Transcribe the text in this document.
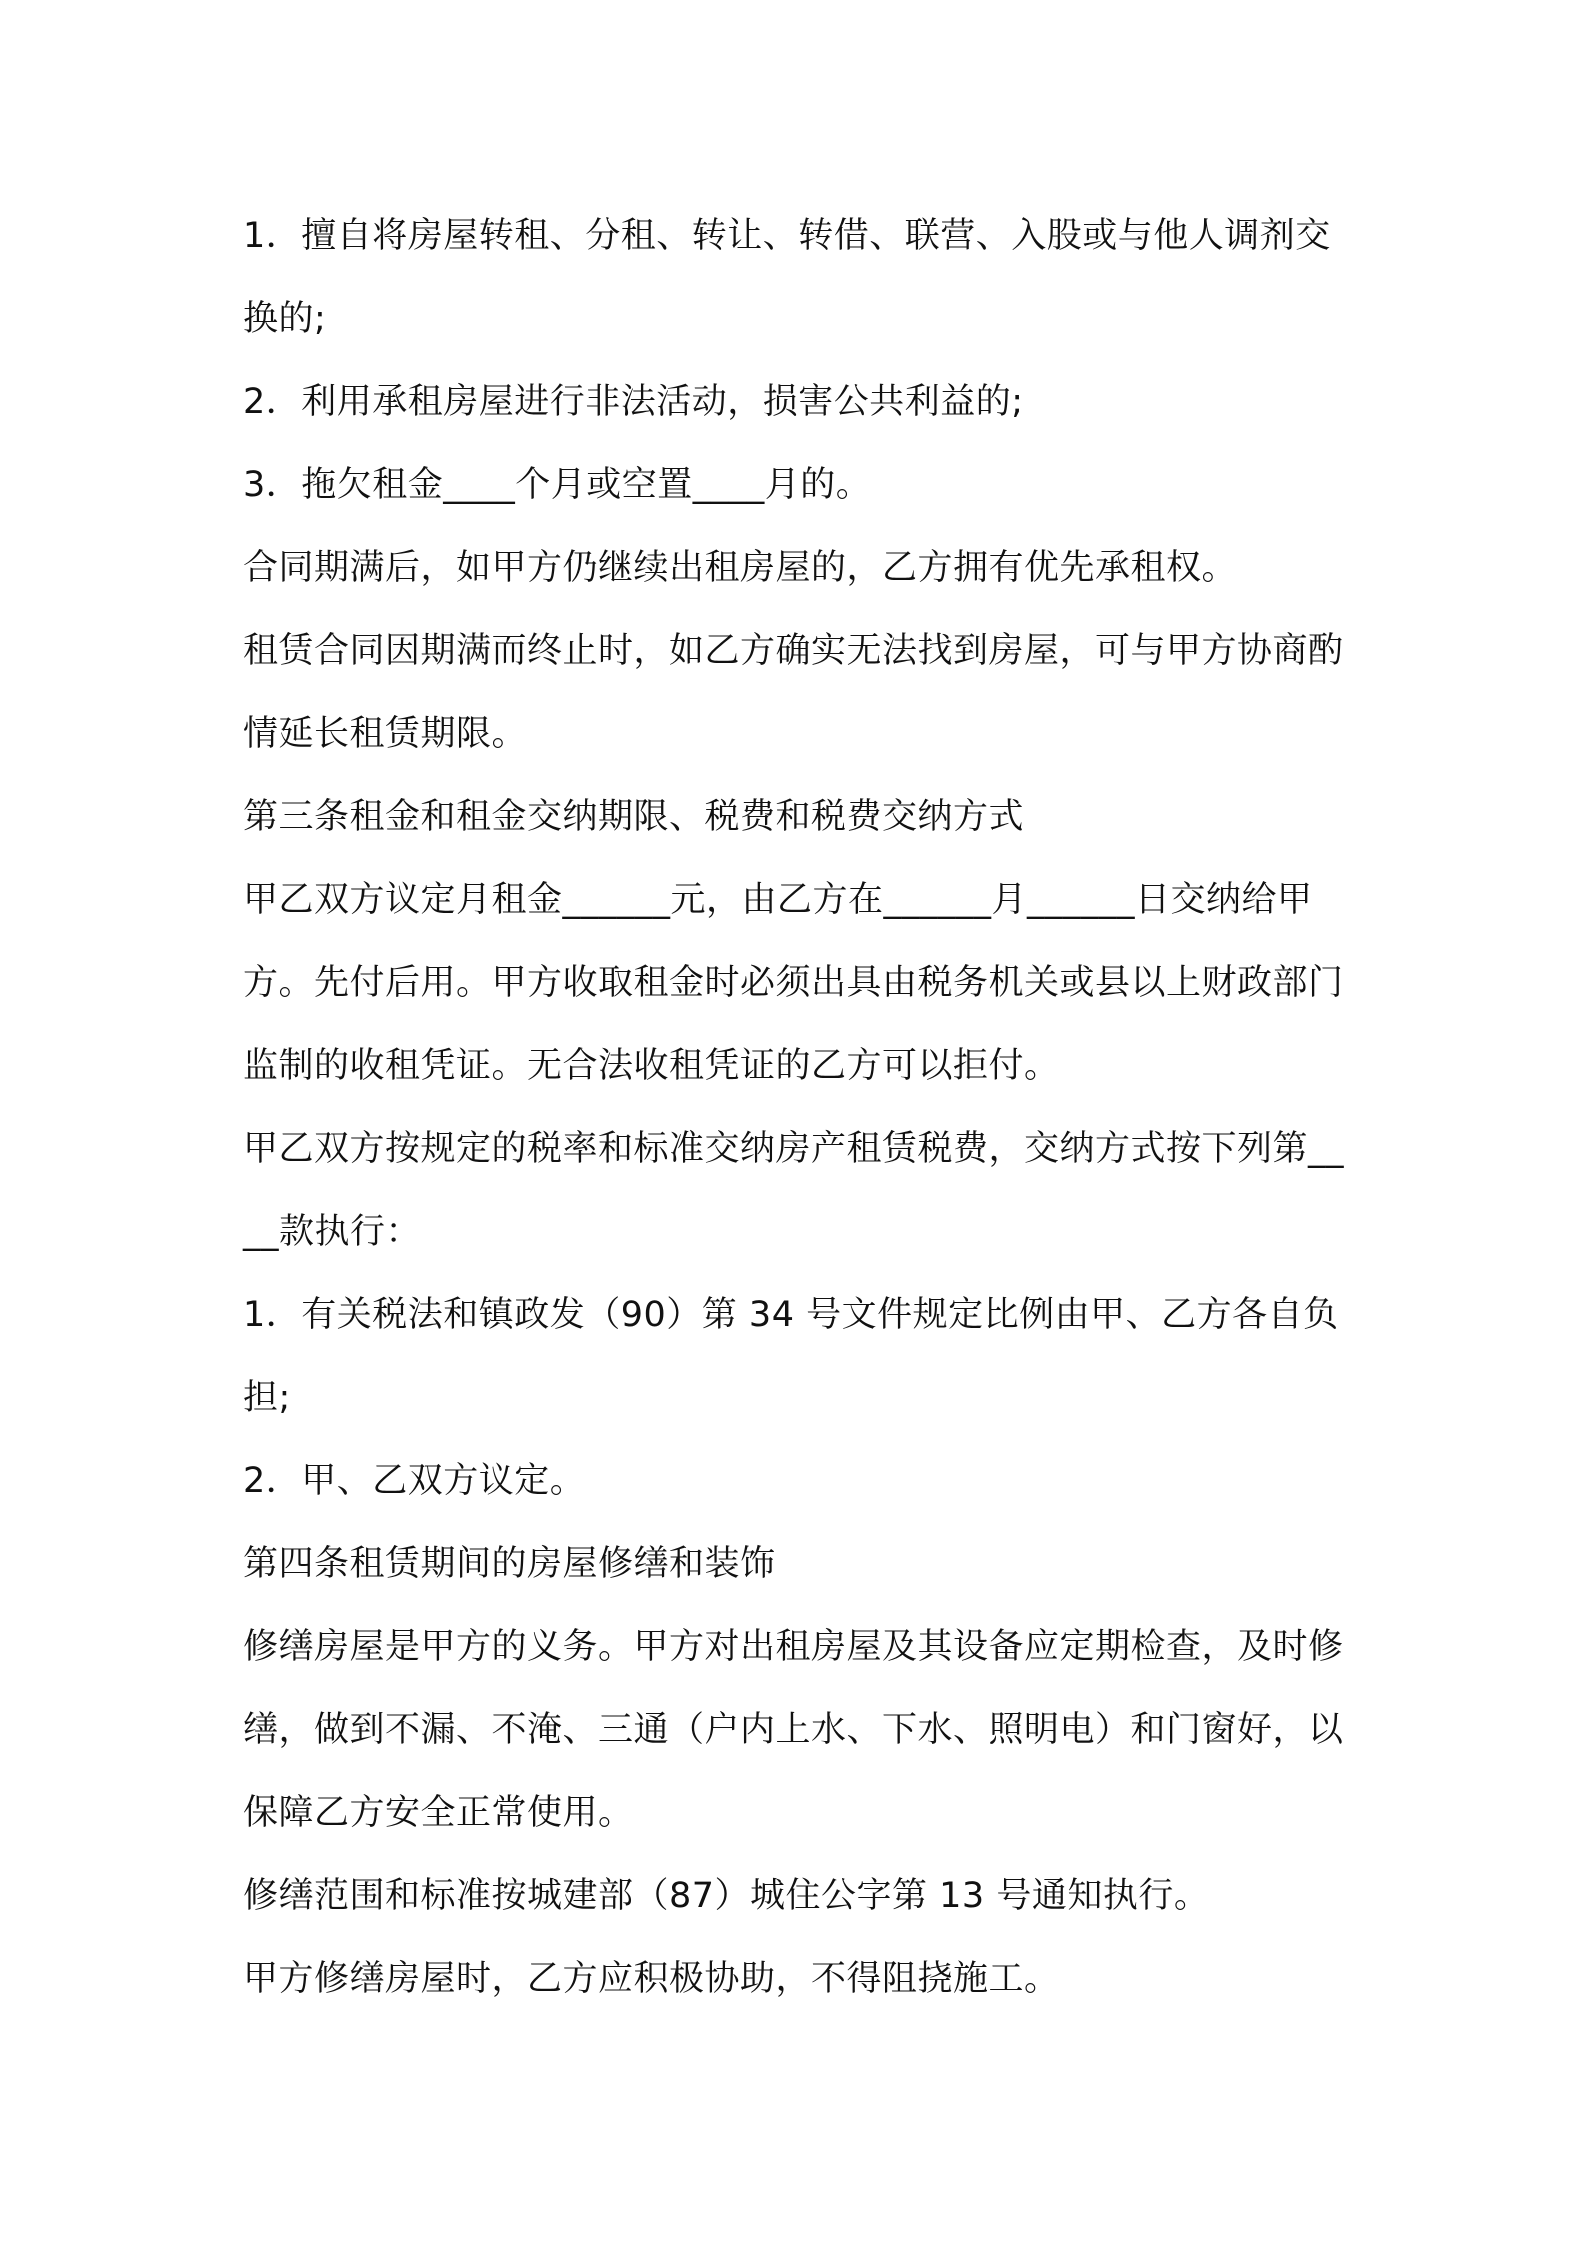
1．擅自将房屋转租、分租、转让、转借、联营、入股或与他人调剂交换的;

2．利用承租房屋进行非法活动，损害公共利益的;

3．拖欠租金____个月或空置____月的。

合同期满后，如甲方仍继续出租房屋的，乙方拥有优先承租权。

租赁合同因期满而终止时，如乙方确实无法找到房屋，可与甲方协商酌情延长租赁期限。

第三条租金和租金交纳期限、税费和税费交纳方式

甲乙双方议定月租金______元，由乙方在______月______日交纳给甲方。先付后用。甲方收取租金时必须出具由税务机关或县以上财政部门监制的收租凭证。无合法收租凭证的乙方可以拒付。

甲乙双方按规定的税率和标准交纳房产租赁税费，交纳方式按下列第____款执行：

1．有关税法和镇政发（90）第 34 号文件规定比例由甲、乙方各自负担;

2．甲、乙双方议定。

第四条租赁期间的房屋修缮和装饰

修缮房屋是甲方的义务。甲方对出租房屋及其设备应定期检查，及时修缮，做到不漏、不淹、三通（户内上水、下水、照明电）和门窗好，以保障乙方安全正常使用。

修缮范围和标准按城建部（87）城住公字第 13 号通知执行。

甲方修缮房屋时，乙方应积极协助，不得阻挠施工。
